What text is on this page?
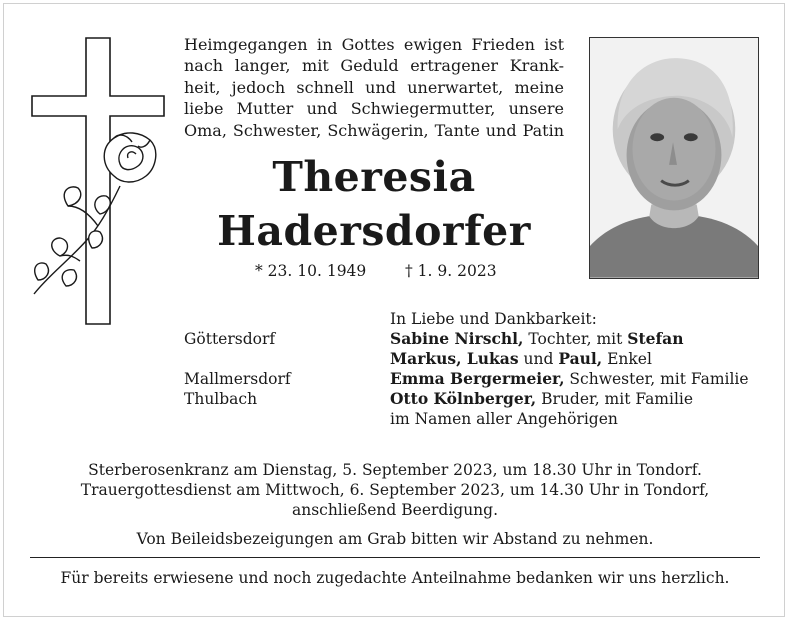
Heimgegangen in Gottes ewigen Frieden ist
nach langer, mit Geduld ertragener Krank-
heit, jedoch schnell und unerwartet, meine
liebe Mutter und Schwiegermutter, unsere
Oma, Schwester, Schwägerin, Tante und Patin
Theresia
Hadersdorfer
* 23. 10. 1949 † 1. 9. 2023
In Liebe und Dankbarkeit:
Göttersdorf	Sabine Nirschl, Tochter, mit Stefan
Markus, Lukas und Paul, Enkel
Mallmersdorf	Emma Bergermeier, Schwester, mit Familie
Thulbach	Otto Kölnberger, Bruder, mit Familie
im Namen aller Angehörigen
Sterberosenkranz am Dienstag, 5. September 2023, um 18.30 Uhr in Tondorf.
Trauergottesdienst am Mittwoch, 6. September 2023, um 14.30 Uhr in Tondorf,
anschließend Beerdigung.
Von Beileidsbezeigungen am Grab bitten wir Abstand zu nehmen.
Für bereits erwiesene und noch zugedachte Anteilnahme bedanken wir uns herzlich.
